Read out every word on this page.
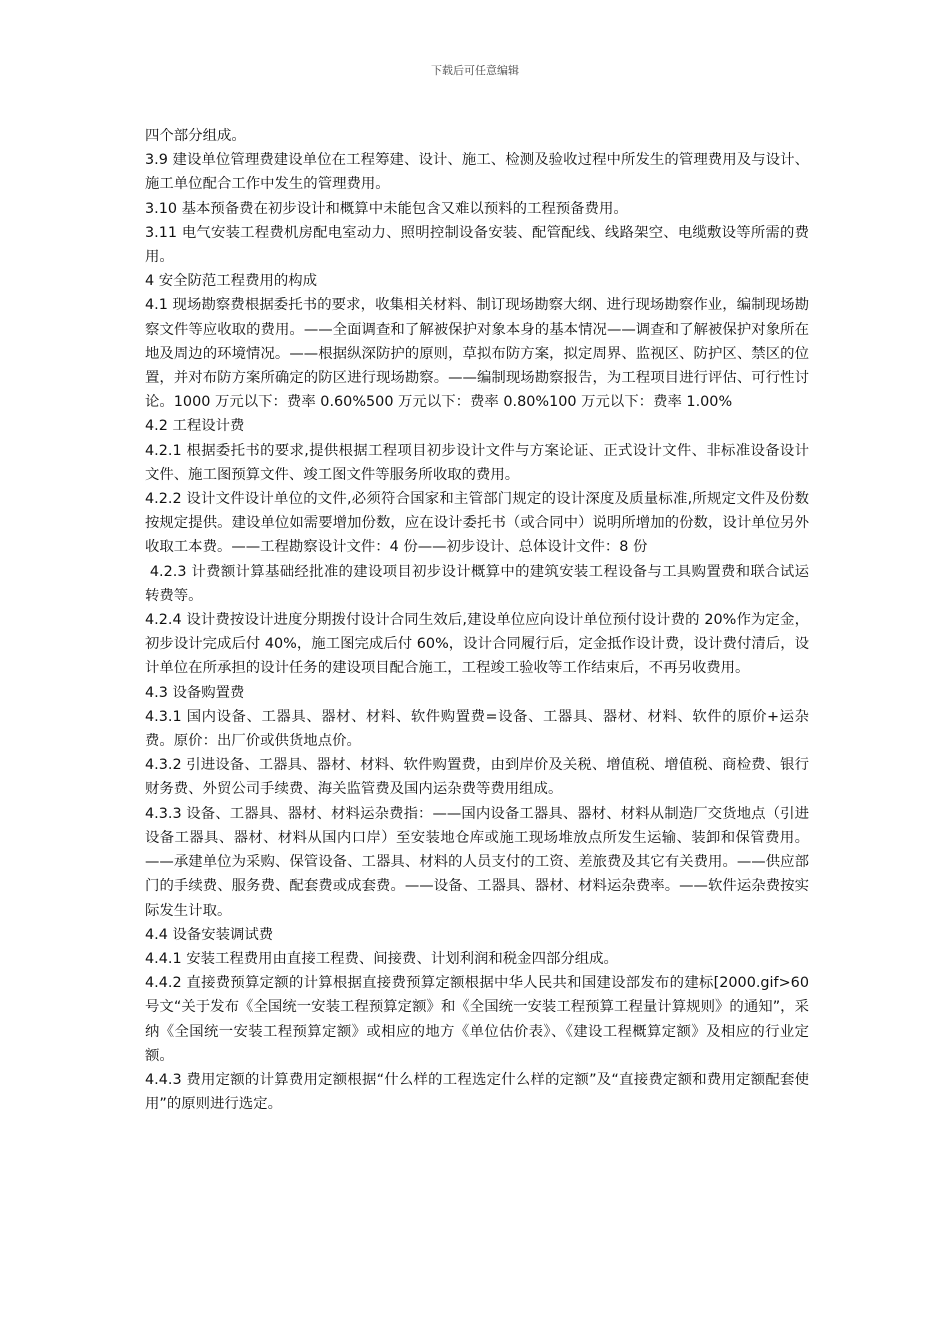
下载后可任意编辑

四个部分组成。

3.9 建设单位管理费建设单位在工程筹建、设计、施工、检测及验收过程中所发生的管理费用及与设计、施工单位配合工作中发生的管理费用。

3.10 基本预备费在初步设计和概算中未能包含又难以预料的工程预备费用。

3.11 电气安装工程费机房配电室动力、照明控制设备安装、配管配线、线路架空、电缆敷设等所需的费用。

4 安全防范工程费用的构成

4.1 现场勘察费根据委托书的要求，收集相关材料、制订现场勘察大纲、进行现场勘察作业，编制现场勘察文件等应收取的费用。——全面调查和了解被保护对象本身的基本情况——调查和了解被保护对象所在地及周边的环境情况。——根据纵深防护的原则，草拟布防方案，拟定周界、监视区、防护区、禁区的位置，并对布防方案所确定的防区进行现场勘察。——编制现场勘察报告，为工程项目进行评估、可行性讨论。1000 万元以下：费率 0.60%500 万元以下：费率 0.80%100 万元以下：费率 1.00%

4.2 工程设计费

4.2.1 根据委托书的要求,提供根据工程项目初步设计文件与方案论证、正式设计文件、非标准设备设计文件、施工图预算文件、竣工图文件等服务所收取的费用。

4.2.2 设计文件设计单位的文件,必须符合国家和主管部门规定的设计深度及质量标准,所规定文件及份数按规定提供。建设单位如需要增加份数，应在设计委托书（或合同中）说明所增加的份数，设计单位另外收取工本费。——工程勘察设计文件：4 份——初步设计、总体设计文件：8 份

4.2.3 计费额计算基础经批准的建设项目初步设计概算中的建筑安装工程设备与工具购置费和联合试运转费等。

4.2.4 设计费按设计进度分期拨付设计合同生效后,建设单位应向设计单位预付设计费的 20%作为定金，初步设计完成后付 40%，施工图完成后付 60%，设计合同履行后，定金抵作设计费，设计费付清后，设计单位在所承担的设计任务的建设项目配合施工，工程竣工验收等工作结束后，不再另收费用。

4.3 设备购置费

4.3.1 国内设备、工器具、器材、材料、软件购置费=设备、工器具、器材、材料、软件的原价+运杂费。原价：出厂价或供货地点价。

4.3.2 引进设备、工器具、器材、材料、软件购置费，由到岸价及关税、增值税、增值税、商检费、银行财务费、外贸公司手续费、海关监管费及国内运杂费等费用组成。

4.3.3 设备、工器具、器材、材料运杂费指：——国内设备工器具、器材、材料从制造厂交货地点（引进设备工器具、器材、材料从国内口岸）至安装地仓库或施工现场堆放点所发生运输、装卸和保管费用。——承建单位为采购、保管设备、工器具、材料的人员支付的工资、差旅费及其它有关费用。——供应部门的手续费、服务费、配套费或成套费。——设备、工器具、器材、材料运杂费率。——软件运杂费按实际发生计取。

4.4 设备安装调试费

4.4.1 安装工程费用由直接工程费、间接费、计划利润和税金四部分组成。

4.4.2 直接费预算定额的计算根据直接费预算定额根据中华人民共和国建设部发布的建标[2000.gif>60 号文“关于发布《全国统一安装工程预算定额》和《全国统一安装工程预算工程量计算规则》的通知”，采纳《全国统一安装工程预算定额》或相应的地方《单位估价表》、《建设工程概算定额》及相应的行业定额。

4.4.3 费用定额的计算费用定额根据“什么样的工程选定什么样的定额”及“直接费定额和费用定额配套使用”的原则进行选定。
